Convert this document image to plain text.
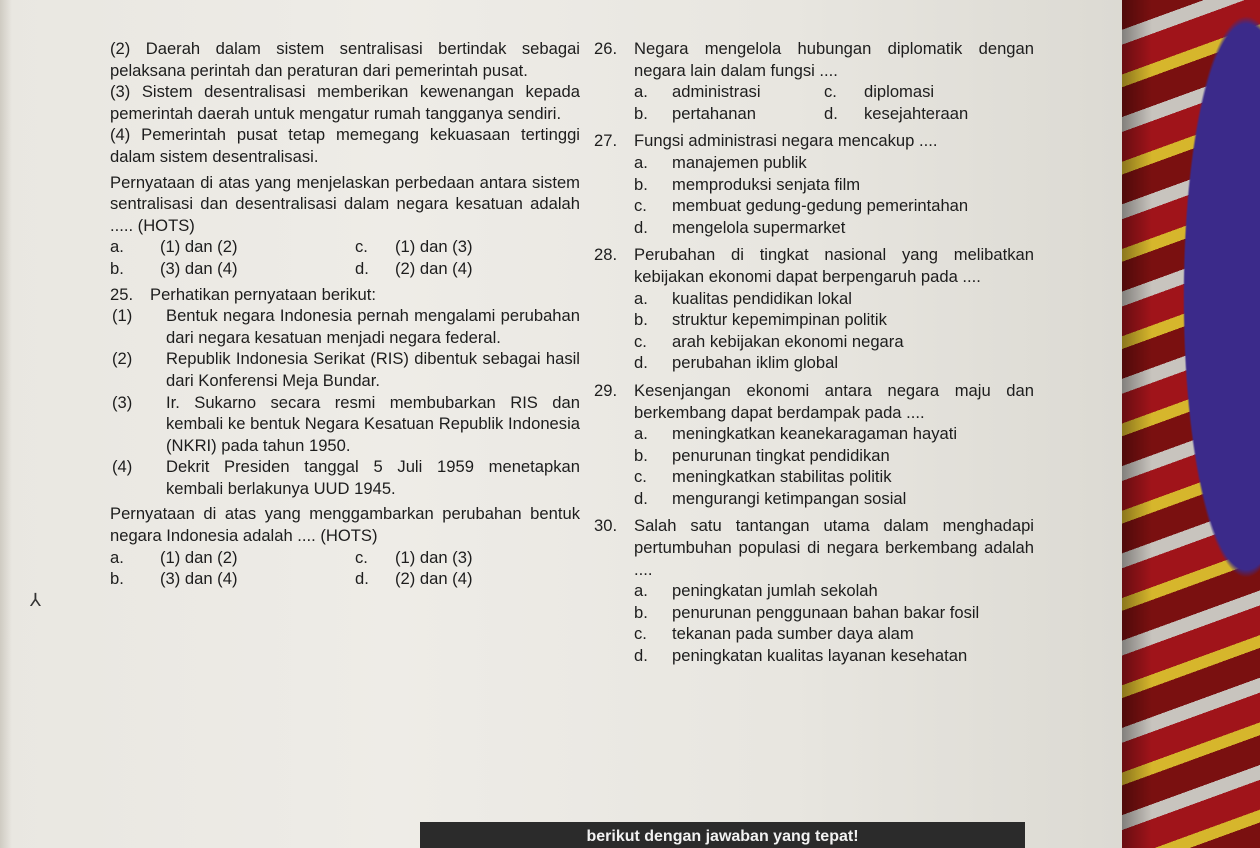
⅄

(2) Daerah dalam sistem sentralisasi bertindak sebagai pelaksana perintah dan peraturan dari pemerintah pusat.

(3) Sistem desentralisasi memberikan kewenangan kepada pemerintah daerah untuk mengatur rumah tangganya sendiri.

(4) Pemerintah pusat tetap memegang kekuasaan tertinggi dalam sistem desentralisasi.

Pernyataan di atas yang menjelaskan perbedaan antara sistem sentralisasi dan desentralisasi dalam negara kesatuan adalah ..... (HOTS)

a.	(1) dan (2)	c.	(1) dan (3)
b.	(3) dan (4)	d.	(2) dan (4)
25.	Perhatikan pernyataan berikut:
(1)	Bentuk negara Indonesia pernah mengalami perubahan dari negara kesatuan menjadi negara federal.
(2)	Republik Indonesia Serikat (RIS) dibentuk sebagai hasil dari Konferensi Meja Bundar.
(3)	Ir. Sukarno secara resmi membubarkan RIS dan kembali ke bentuk Negara Kesatuan Republik Indonesia (NKRI) pada tahun 1950.
(4)	Dekrit Presiden tanggal 5 Juli 1959 menetapkan kembali berlakunya UUD 1945.

Pernyataan di atas yang menggambarkan perubahan bentuk negara Indonesia adalah .... (HOTS)

a.	(1) dan (2)	c.	(1) dan (3)
b.	(3) dan (4)	d.	(2) dan (4)
26.	Negara mengelola hubungan diplomatik dengan negara lain dalam fungsi ....
a.	administrasi	c.	diplomasi
b.	pertahanan	d.	kesejahteraan
27.	Fungsi administrasi negara mencakup ....
a.	manajemen publik
b.	memproduksi senjata film
c.	membuat gedung-gedung pemerintahan
d.	mengelola supermarket
28.	Perubahan di tingkat nasional yang melibatkan kebijakan ekonomi dapat berpengaruh pada ....
a.	kualitas pendidikan lokal
b.	struktur kepemimpinan politik
c.	arah kebijakan ekonomi negara
d.	perubahan iklim global
29.	Kesenjangan ekonomi antara negara maju dan berkembang dapat berdampak pada ....
a.	meningkatkan keanekaragaman hayati
b.	penurunan tingkat pendidikan
c.	meningkatkan stabilitas politik
d.	mengurangi ketimpangan sosial
30.	Salah satu tantangan utama dalam menghadapi pertumbuhan populasi di negara berkembang adalah ....
a.	peningkatan jumlah sekolah
b.	penurunan penggunaan bahan bakar fosil
c.	tekanan pada sumber daya alam
d.	peningkatan kualitas layanan kesehatan
berikut dengan jawaban yang tepat!
